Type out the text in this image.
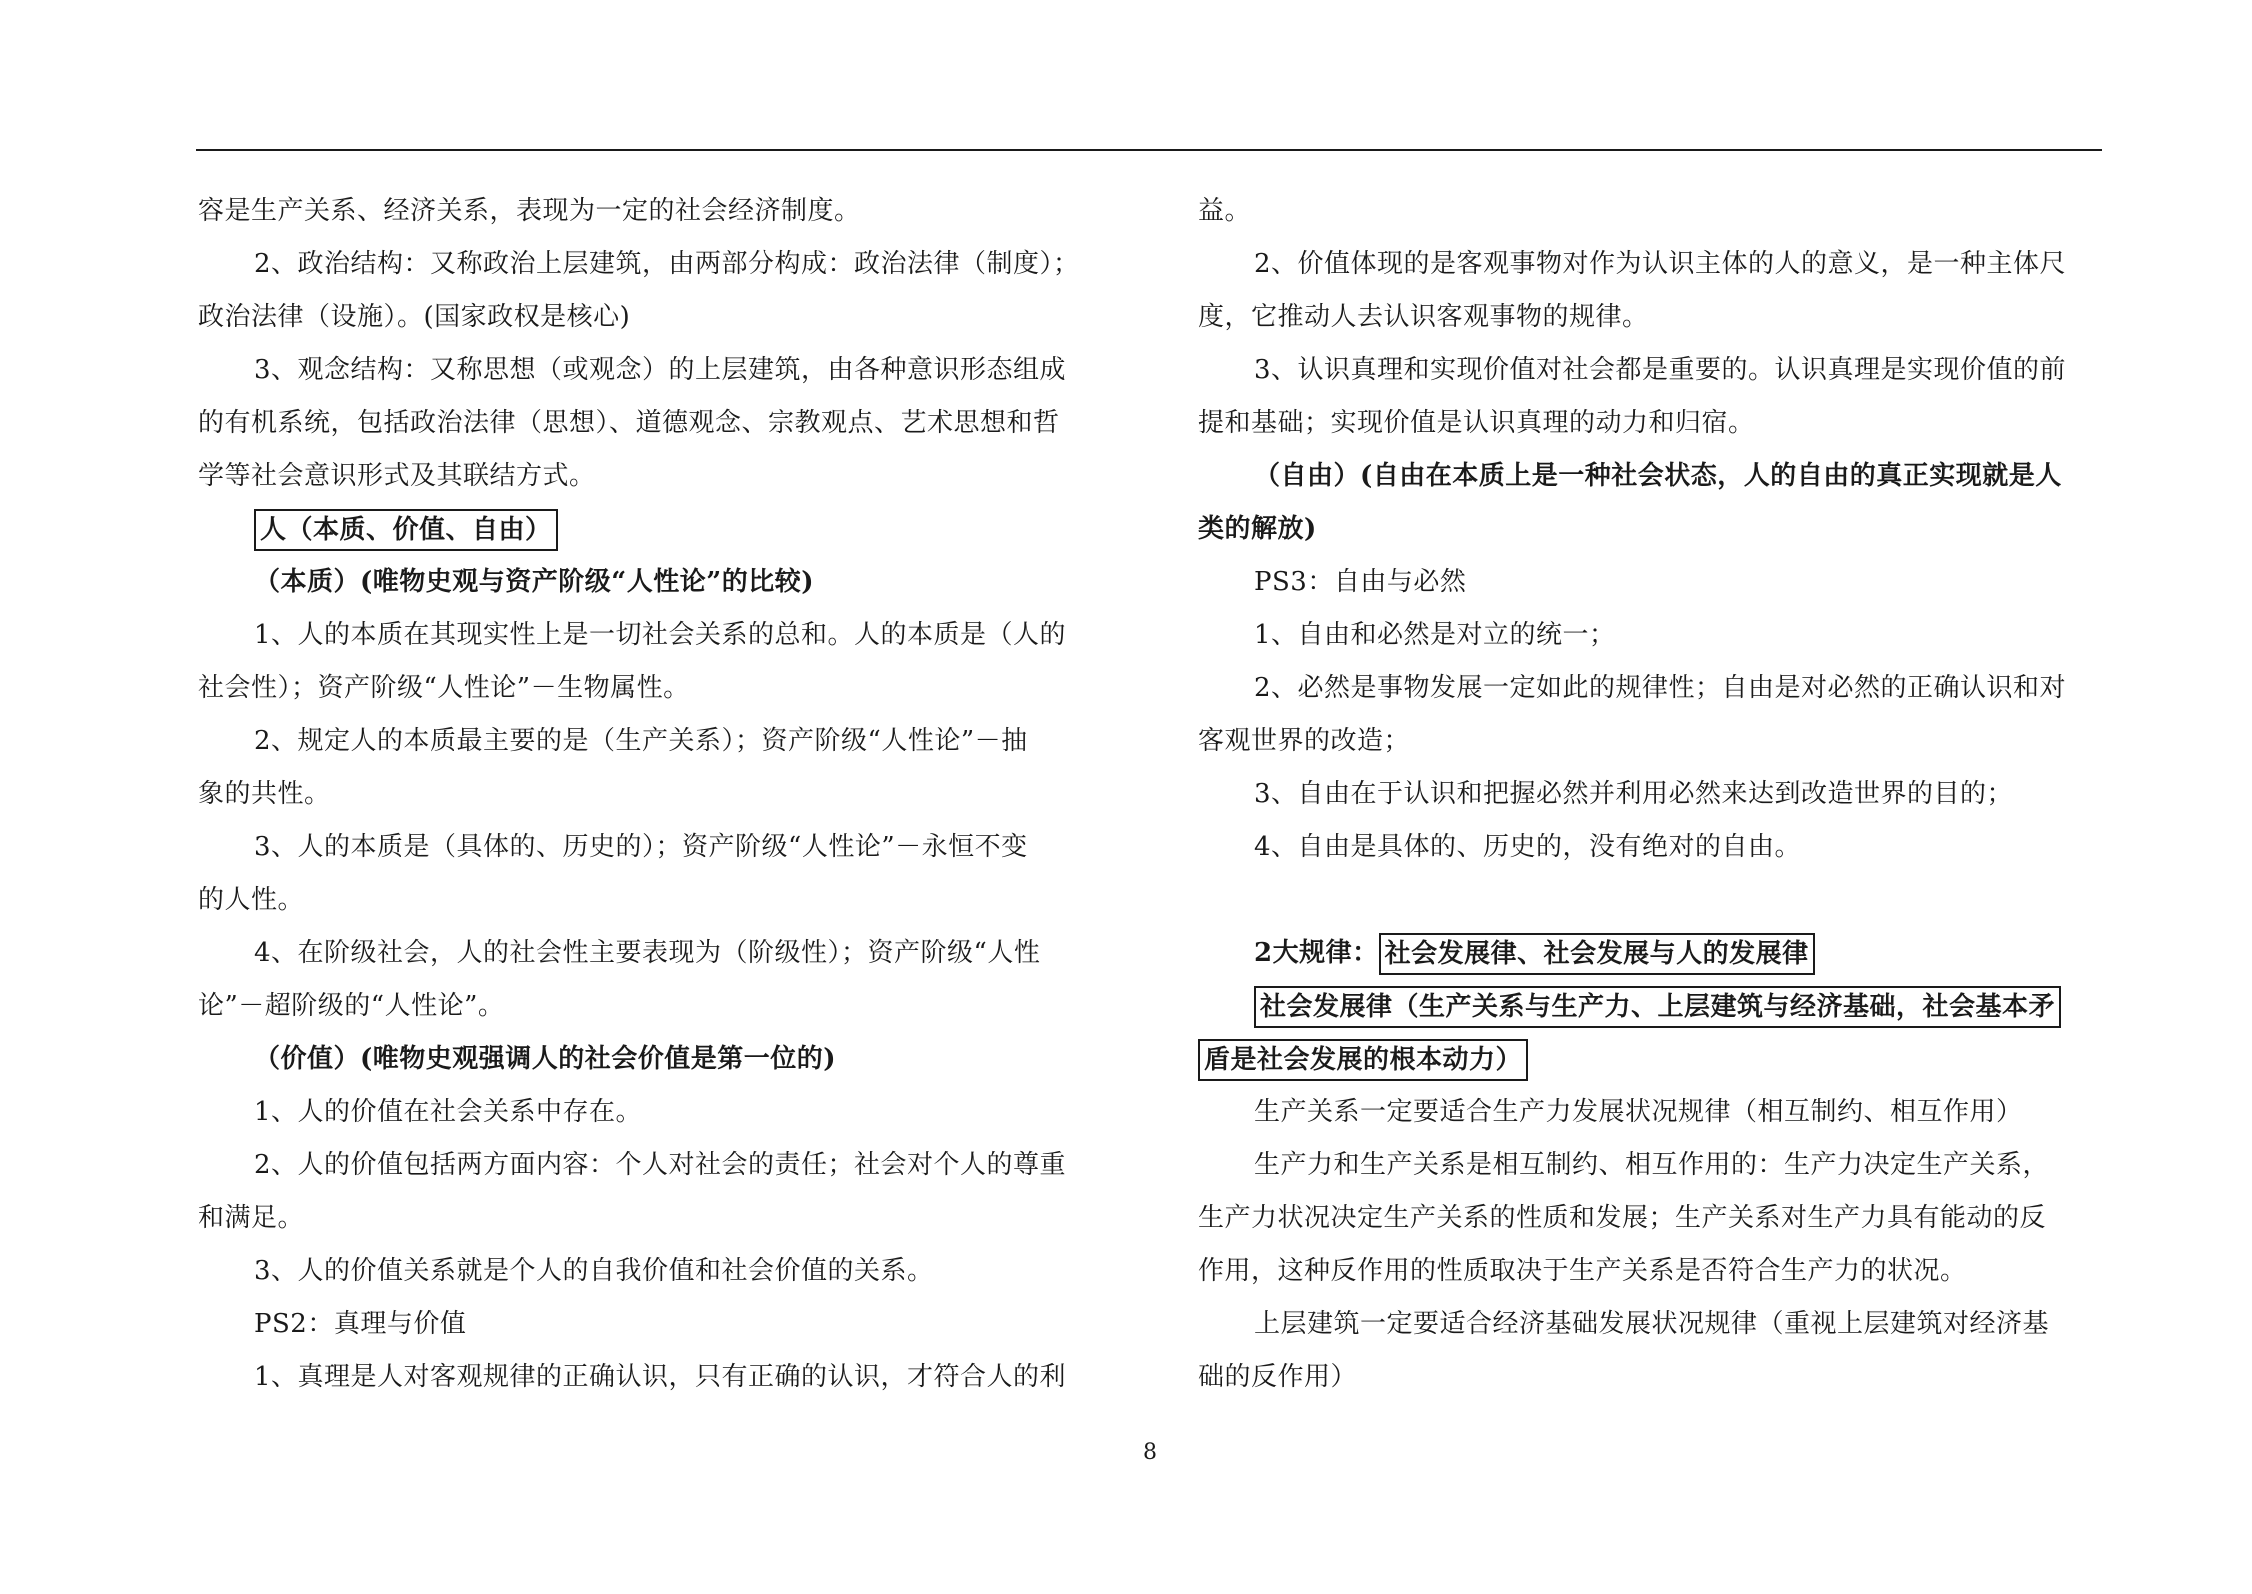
容是生产关系、经济关系，表现为一定的社会经济制度。
2、政治结构：又称政治上层建筑，由两部分构成：政治法律（制度）；
政治法律（设施）。(国家政权是核心)
3、观念结构：又称思想（或观念）的上层建筑，由各种意识形态组成
的有机系统，包括政治法律（思想）、道德观念、宗教观点、艺术思想和哲
学等社会意识形式及其联结方式。
人（本质、价值、自由）
（本质）(唯物史观与资产阶级“人性论”的比较)
1、人的本质在其现实性上是一切社会关系的总和。人的本质是（人的
社会性）；资产阶级“人性论”－生物属性。
2、规定人的本质最主要的是（生产关系）；资产阶级“人性论”－抽
象的共性。
3、人的本质是（具体的、历史的）；资产阶级“人性论”－永恒不变
的人性。
4、在阶级社会，人的社会性主要表现为（阶级性）；资产阶级“人性
论”－超阶级的“人性论”。
（价值）(唯物史观强调人的社会价值是第一位的)
1、人的价值在社会关系中存在。
2、人的价值包括两方面内容：个人对社会的责任；社会对个人的尊重
和满足。
3、人的价值关系就是个人的自我价值和社会价值的关系。
PS2：真理与价值
1、真理是人对客观规律的正确认识，只有正确的认识，才符合人的利
益。
2、价值体现的是客观事物对作为认识主体的人的意义，是一种主体尺
度，它推动人去认识客观事物的规律。
3、认识真理和实现价值对社会都是重要的。认识真理是实现价值的前
提和基础；实现价值是认识真理的动力和归宿。
（自由）(自由在本质上是一种社会状态，人的自由的真正实现就是人
类的解放)
PS3：自由与必然
1、自由和必然是对立的统一；
2、必然是事物发展一定如此的规律性；自由是对必然的正确认识和对
客观世界的改造；
3、自由在于认识和把握必然并利用必然来达到改造世界的目的；
4、自由是具体的、历史的，没有绝对的自由。
2大规律： 社会发展律、社会发展与人的发展律
社会发展律（生产关系与生产力、上层建筑与经济基础，社会基本矛
盾是社会发展的根本动力）
生产关系一定要适合生产力发展状况规律（相互制约、相互作用）
生产力和生产关系是相互制约、相互作用的：生产力决定生产关系，
生产力状况决定生产关系的性质和发展；生产关系对生产力具有能动的反
作用，这种反作用的性质取决于生产关系是否符合生产力的状况。
上层建筑一定要适合经济基础发展状况规律（重视上层建筑对经济基
础的反作用）
8
